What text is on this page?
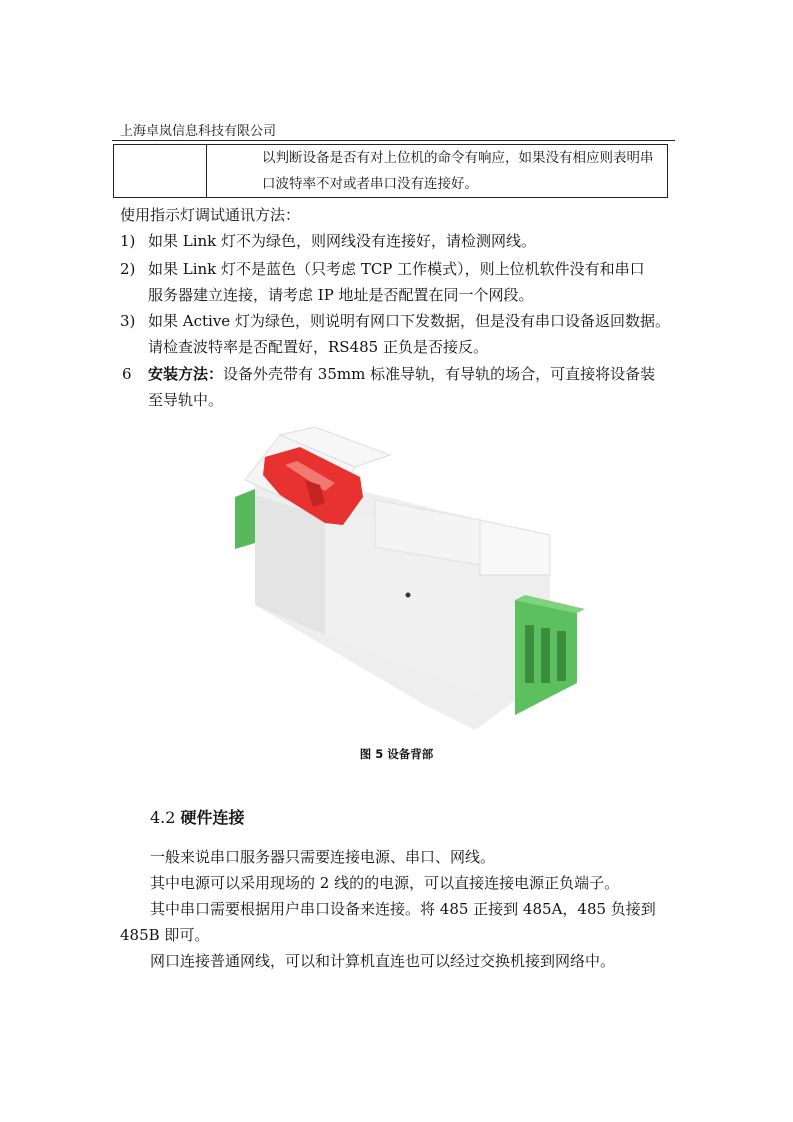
上海卓岚信息科技有限公司

以判断设备是否有对上位机的命令有响应，如果没有相应则表明串
口波特率不对或者串口没有连接好。
使用指示灯调试通讯方法：
1) 如果 Link 灯不为绿色，则网线没有连接好，请检测网线。
2) 如果 Link 灯不是蓝色（只考虑 TCP 工作模式），则上位机软件没有和串口
服务器建立连接，请考虑 IP 地址是否配置在同一个网段。
3) 如果 Active 灯为绿色，则说明有网口下发数据，但是没有串口设备返回数据。
请检查波特率是否配置好，RS485 正负是否接反。
6 安装方法：设备外壳带有 35mm 标准导轨，有导轨的场合，可直接将设备装
至导轨中。
图 5 设备背部
4.2 硬件连接
一般来说串口服务器只需要连接电源、串口、网线。
其中电源可以采用现场的 2 线的的电源，可以直接连接电源正负端子。
其中串口需要根据用户串口设备来连接。将 485 正接到 485A，485 负接到
485B 即可。
网口连接普通网线，可以和计算机直连也可以经过交换机接到网络中。
